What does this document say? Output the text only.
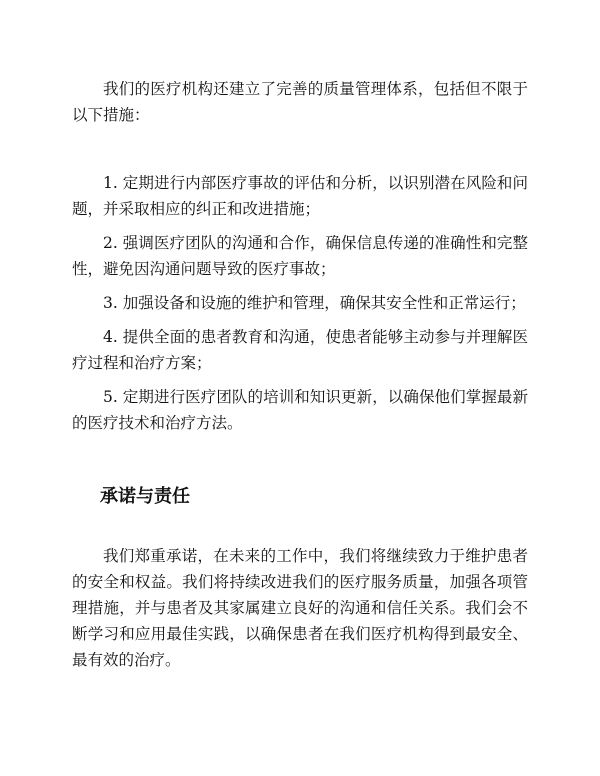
我们的医疗机构还建立了完善的质量管理体系，包括但不限于以下措施：

1. 定期进行内部医疗事故的评估和分析，以识别潜在风险和问题，并采取相应的纠正和改进措施；
2. 强调医疗团队的沟通和合作，确保信息传递的准确性和完整性，避免因沟通问题导致的医疗事故；
3. 加强设备和设施的维护和管理，确保其安全性和正常运行；
4. 提供全面的患者教育和沟通，使患者能够主动参与并理解医疗过程和治疗方案；
5. 定期进行医疗团队的培训和知识更新，以确保他们掌握最新的医疗技术和治疗方法。
承诺与责任

我们郑重承诺，在未来的工作中，我们将继续致力于维护患者的安全和权益。我们将持续改进我们的医疗服务质量，加强各项管理措施，并与患者及其家属建立良好的沟通和信任关系。我们会不断学习和应用最佳实践，以确保患者在我们医疗机构得到最安全、最有效的治疗。
